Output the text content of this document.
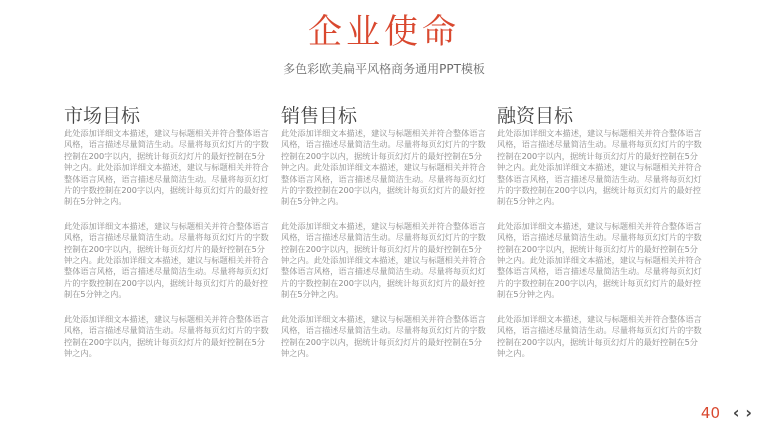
企业使命
多色彩欧美扁平风格商务通用PPT模板
市场目标

此处添加详细文本描述，建议与标题相关并符合整体语言风格，语言描述尽量简洁生动。尽量将每页幻灯片的字数控制在200字以内，据统计每页幻灯片的最好控制在5分钟之内。此处添加详细文本描述，建议与标题相关并符合整体语言风格，语言描述尽量简洁生动。尽量将每页幻灯片的字数控制在200字以内，据统计每页幻灯片的最好控制在5分钟之内。

此处添加详细文本描述，建议与标题相关并符合整体语言风格，语言描述尽量简洁生动。尽量将每页幻灯片的字数控制在200字以内，据统计每页幻灯片的最好控制在5分钟之内。此处添加详细文本描述，建议与标题相关并符合整体语言风格，语言描述尽量简洁生动。尽量将每页幻灯片的字数控制在200字以内，据统计每页幻灯片的最好控制在5分钟之内。

此处添加详细文本描述，建议与标题相关并符合整体语言风格，语言描述尽量简洁生动。尽量将每页幻灯片的字数控制在200字以内，据统计每页幻灯片的最好控制在5分钟之内。

销售目标

此处添加详细文本描述，建议与标题相关并符合整体语言风格，语言描述尽量简洁生动。尽量将每页幻灯片的字数控制在200字以内，据统计每页幻灯片的最好控制在5分钟之内。此处添加详细文本描述，建议与标题相关并符合整体语言风格，语言描述尽量简洁生动。尽量将每页幻灯片的字数控制在200字以内，据统计每页幻灯片的最好控制在5分钟之内。

此处添加详细文本描述，建议与标题相关并符合整体语言风格，语言描述尽量简洁生动。尽量将每页幻灯片的字数控制在200字以内，据统计每页幻灯片的最好控制在5分钟之内。此处添加详细文本描述，建议与标题相关并符合整体语言风格，语言描述尽量简洁生动。尽量将每页幻灯片的字数控制在200字以内，据统计每页幻灯片的最好控制在5分钟之内。

此处添加详细文本描述，建议与标题相关并符合整体语言风格，语言描述尽量简洁生动。尽量将每页幻灯片的字数控制在200字以内，据统计每页幻灯片的最好控制在5分钟之内。

融资目标

此处添加详细文本描述，建议与标题相关并符合整体语言风格，语言描述尽量简洁生动。尽量将每页幻灯片的字数控制在200字以内，据统计每页幻灯片的最好控制在5分钟之内。此处添加详细文本描述，建议与标题相关并符合整体语言风格，语言描述尽量简洁生动。尽量将每页幻灯片的字数控制在200字以内，据统计每页幻灯片的最好控制在5分钟之内。

此处添加详细文本描述，建议与标题相关并符合整体语言风格，语言描述尽量简洁生动。尽量将每页幻灯片的字数控制在200字以内，据统计每页幻灯片的最好控制在5分钟之内。此处添加详细文本描述，建议与标题相关并符合整体语言风格，语言描述尽量简洁生动。尽量将每页幻灯片的字数控制在200字以内，据统计每页幻灯片的最好控制在5分钟之内。

此处添加详细文本描述，建议与标题相关并符合整体语言风格，语言描述尽量简洁生动。尽量将每页幻灯片的字数控制在200字以内，据统计每页幻灯片的最好控制在5分钟之内。

40 ‹ ›
